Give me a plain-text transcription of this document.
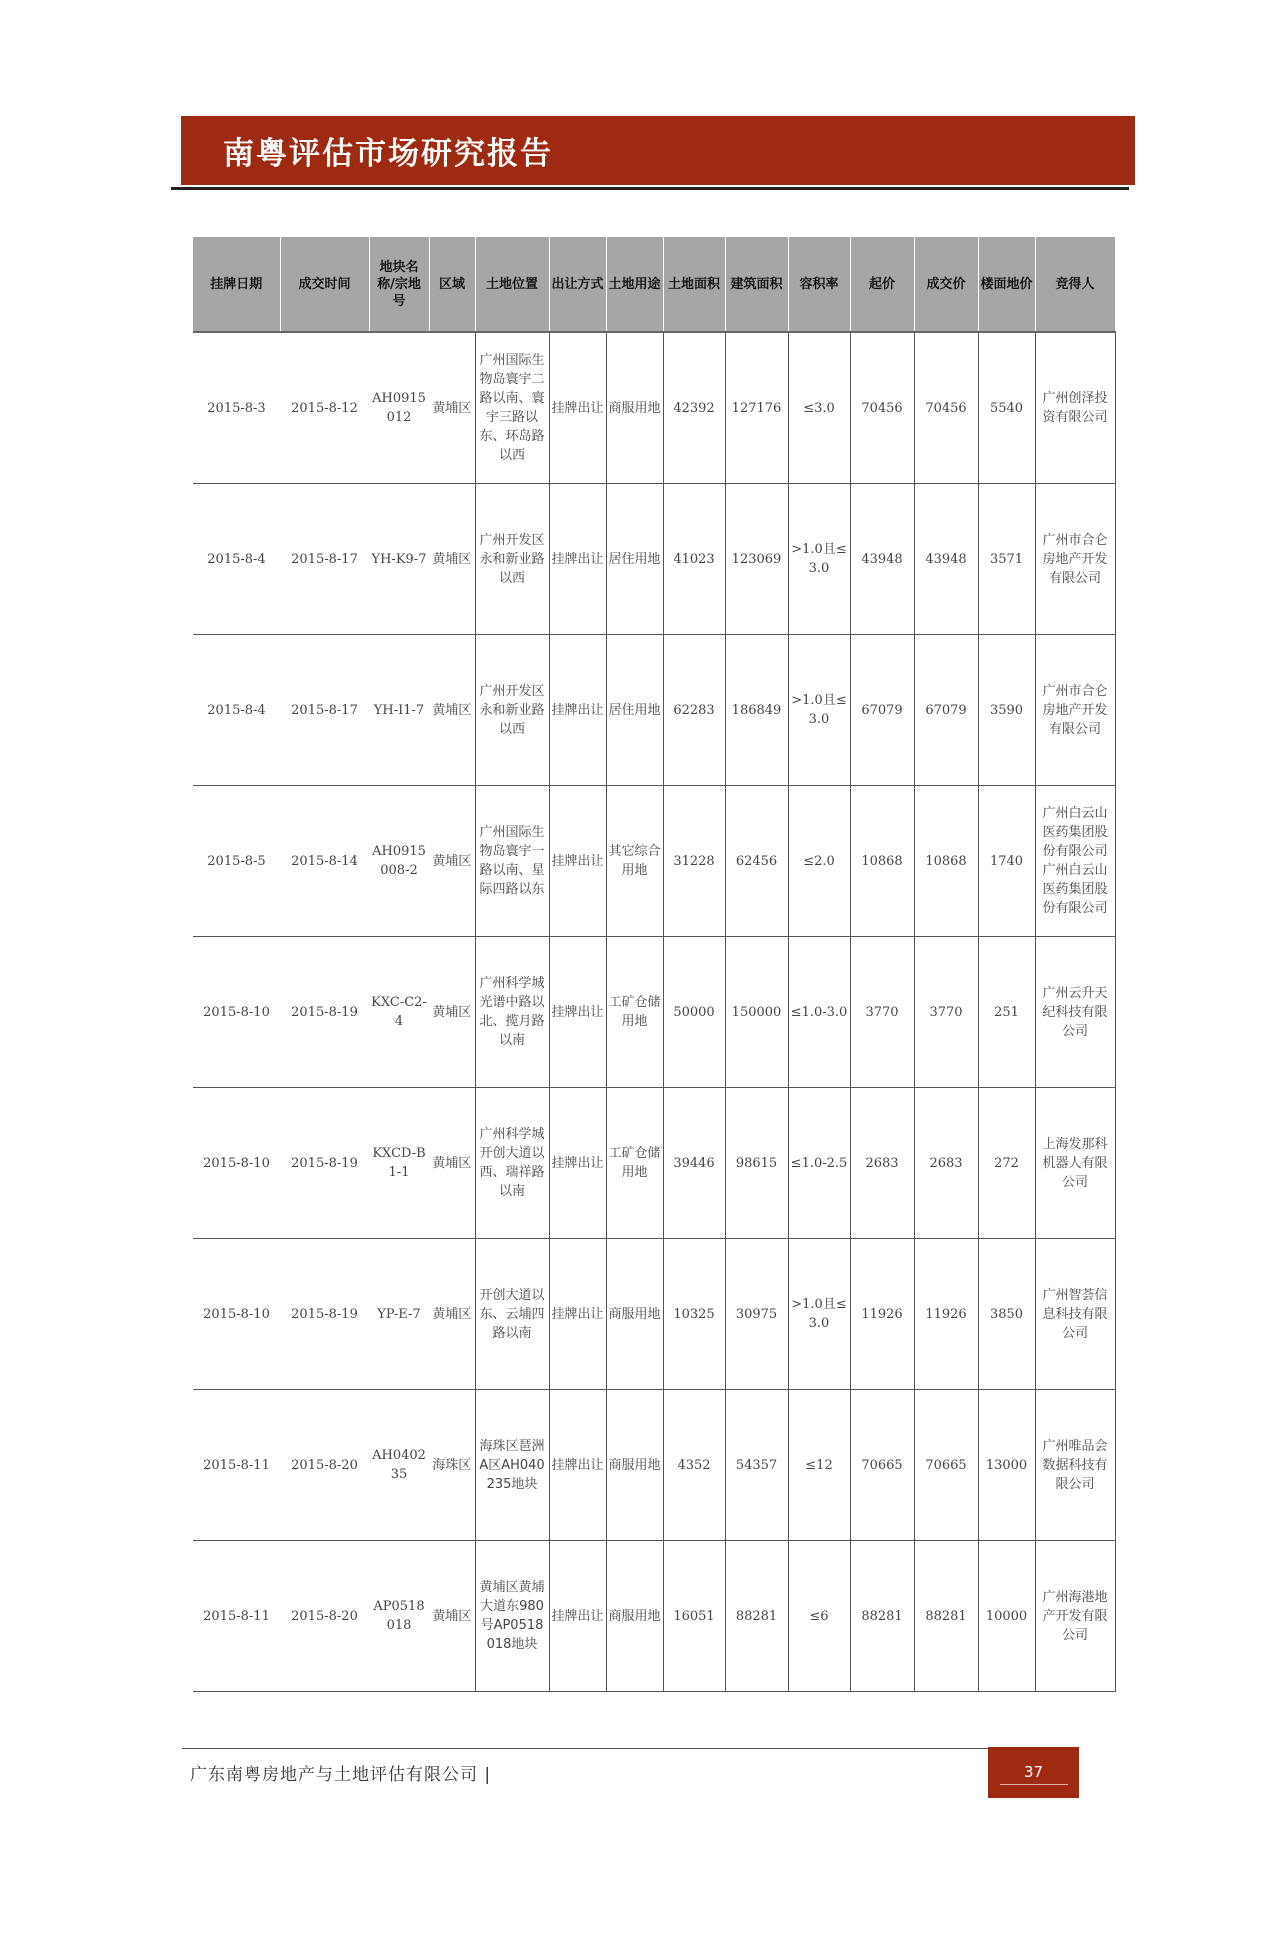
南粤评估市场研究报告
挂牌日期	成交时间	地块名称/宗地号	区域	土地位置	出让方式	土地用途	土地面积	建筑面积	容积率	起价	成交价	楼面地价	竞得人
2015-8-3	2015-8-12	AH0915012	黄埔区	广州国际生物岛寰宇二路以南、寰宇三路以东、环岛路以西	挂牌出让	商服用地	42392	127176	≤3.0	70456	70456	5540	广州创泽投资有限公司
2015-8-4	2015-8-17	YH-K9-7	黄埔区	广州开发区永和新业路以西	挂牌出让	居住用地	41023	123069	>1.0且≤3.0	43948	43948	3571	广州市合仑房地产开发有限公司
2015-8-4	2015-8-17	YH-I1-7	黄埔区	广州开发区永和新业路以西	挂牌出让	居住用地	62283	186849	>1.0且≤3.0	67079	67079	3590	广州市合仑房地产开发有限公司
2015-8-5	2015-8-14	AH0915008-2	黄埔区	广州国际生物岛寰宇一路以南、星际四路以东	挂牌出让	其它综合用地	31228	62456	≤2.0	10868	10868	1740	广州白云山医药集团股份有限公司广州白云山医药集团股份有限公司
2015-8-10	2015-8-19	KXC-C2-4	黄埔区	广州科学城光谱中路以北、揽月路以南	挂牌出让	工矿仓储用地	50000	150000	≤1.0-3.0	3770	3770	251	广州云升天纪科技有限公司
2015-8-10	2015-8-19	KXCD-B1-1	黄埔区	广州科学城开创大道以西、瑞祥路以南	挂牌出让	工矿仓储用地	39446	98615	≤1.0-2.5	2683	2683	272	上海发那科机器人有限公司
2015-8-10	2015-8-19	YP-E-7	黄埔区	开创大道以东、云埔四路以南	挂牌出让	商服用地	10325	30975	>1.0且≤3.0	11926	11926	3850	广州智荟信息科技有限公司
2015-8-11	2015-8-20	AH040235	海珠区	海珠区琶洲A区AH040235地块	挂牌出让	商服用地	4352	54357	≤12	70665	70665	13000	广州唯品会数据科技有限公司
2015-8-11	2015-8-20	AP0518018	黄埔区	黄埔区黄埔大道东980号AP0518018地块	挂牌出让	商服用地	16051	88281	≤6	88281	88281	10000	广州海港地产开发有限公司
广东南粤房地产与土地评估有限公司 |	37
